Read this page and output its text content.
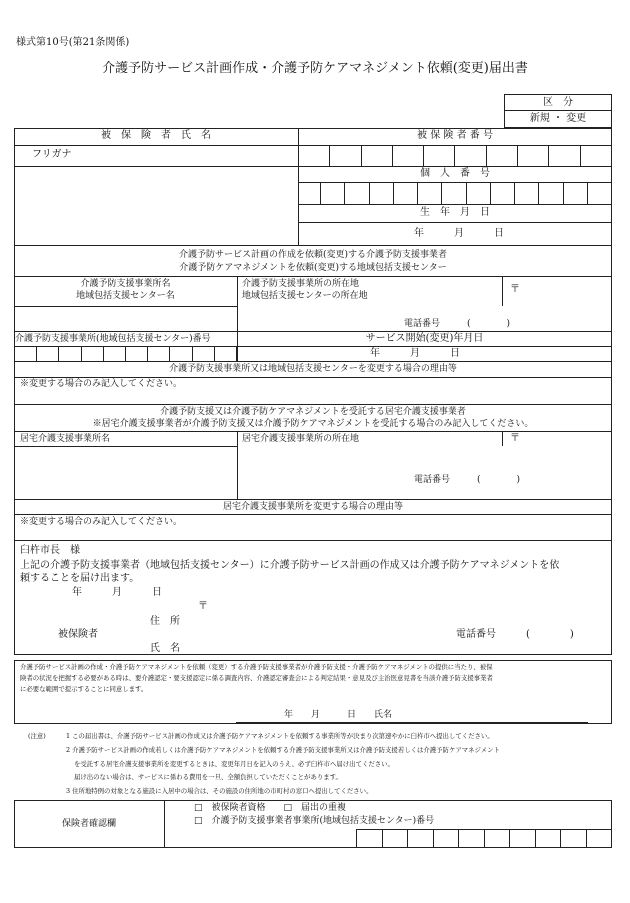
様式第10号(第21条関係)
介護予防サービス計画作成・介護予防ケアマネジメント依頼(変更)届出書
区　分
新規 ・ 変更
被　保　険　者　氏　名	被 保 険 者 番 号
フリガナ
個　人　番　号
生　年　月　日
年　　　月　　　日
介護予防サービス計画の作成を依頼(変更)する介護予防支援事業者
介護予防ケアマネジメントを依頼(変更)する地域包括支援センター
介護予防支援事業所名
地域包括支援センター名
介護予防支援事業所の所在地
地域包括支援センターの所在地
〒
電話番号　　　(　　　　)
介護予防支援事業所(地域包括支援センター)番号	サービス開始(変更)年月日
年　　　月　　　日
介護予防支援事業所又は地域包括支援センターを変更する場合の理由等
※変更する場合のみ記入してください。
介護予防支援又は介護予防ケアマネジメントを受託する居宅介護支援事業者
※居宅介護支援事業者が介護予防支援又は介護予防ケアマネジメントを受託する場合のみ記入してください。
居宅介護支援事業所名	居宅介護支援事業所の所在地	〒
電話番号　　　(　　　　)
居宅介護支援事業所を変更する場合の理由等
※変更する場合のみ記入してください。
臼杵市長　様
上記の介護予防支援事業者（地域包括支援センター）に介護予防サービス計画の作成又は介護予防ケアマネジメントを依
頼することを届け出ます。
年　　　月　　　日
〒
住　所
被保険者	電話番号　　　(　　　　)
氏　名
介護予防サービス計画の作成・介護予防ケアマネジメントを依頼（変更）する介護予防支援事業者が介護予防支援・介護予防ケアマネジメントの提供に当たり、被保
険者の状況を把握する必要がある時は、要介護認定・要支援認定に係る調査内容、介護認定審査会による判定結果・意見及び主治医意見書を当該介護予防支援事業者
に必要な範囲で提示することに同意します。
年　　月　　　日　　氏名
(注意)	1 この届出書は、介護予防サービス計画の作成又は介護予防ケアマネジメントを依頼する事業所等が決まり次第速やかに臼杵市へ提出してください。
2 介護予防サービス計画の作成若しくは介護予防ケアマネジメントを依頼する介護予防支援事業所又は介護予防支援若しくは介護予防ケアマネジメント
を受託する居宅介護支援事業所を変更するときは、変更年月日を記入のうえ、必ず臼杵市へ届け出てください。
届け出のない場合は、サービスに係わる費用を一旦、全額負担していただくことがあります。
3 住所地特例の対象となる施設に入居中の場合は、その施設の住所地の市町村の窓口へ提出してください。
保険者確認欄
□　被保険者資格　　□　届出の重複
□　介護予防支援事業者事業所(地域包括支援センター)番号
